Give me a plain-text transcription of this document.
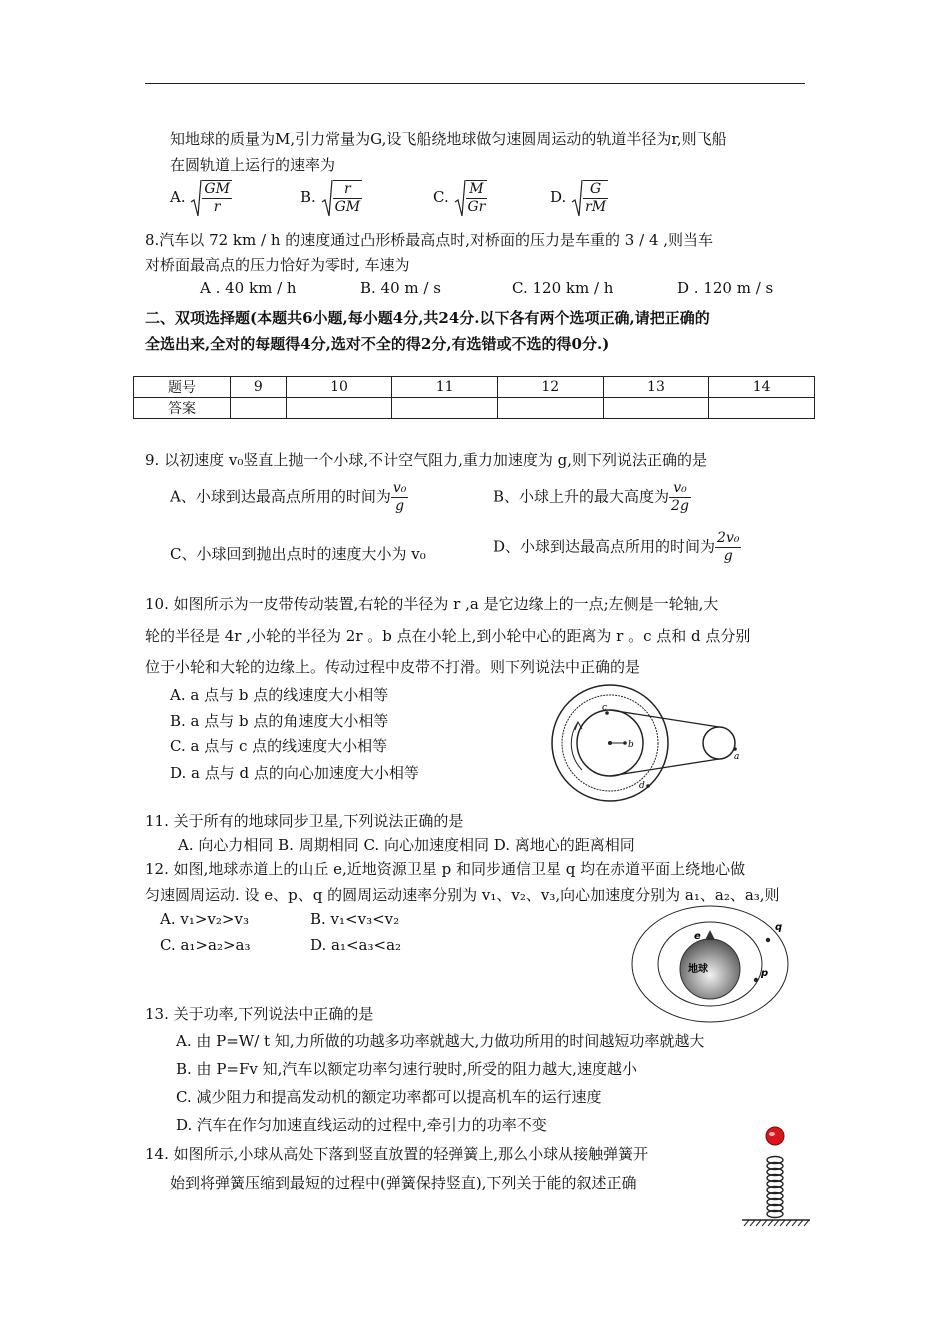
知地球的质量为M,引力常量为G,设飞船绕地球做匀速圆周运动的轨道半径为r,则飞船
在圆轨道上运行的速率为
A. $\frac{GM}{r}$	B. $\frac{r}{GM}$	C. $\frac{M}{Gr}$	D. $\frac{G}{rM}$
8.汽车以 72 km / h 的速度通过凸形桥最高点时,对桥面的压力是车重的 3 / 4 ,则当车
对桥面最高点的压力恰好为零时, 车速为
A . 40 km / h	B. 40 m / s	C. 120 km / h	D . 120 m / s
二、双项选择题(本题共6小题,每小题4分,共24分.以下各有两个选项正确,请把正确的
全选出来,全对的每题得4分,选对不全的得2分,有选错或不选的得0分.)
题号	9	10	11	12	13	14
答案						
9. 以初速度 v₀竖直上抛一个小球,不计空气阻力,重力加速度为 g,则下列说法正确的是
A、小球到达最高点所用的时间为 $\frac{\text{v₀}}{g}$	B、小球上升的最大高度为 $\frac{\text{v₀}}{2g}$
C、小球回到抛出点时的速度大小为 v₀	D、小球到达最高点所用的时间为 $\frac{\text{2v₀}}{g}$
10. 如图所示为一皮带传动装置,右轮的半径为 r ,a 是它边缘上的一点;左侧是一轮轴,大
轮的半径是 4r ,小轮的半径为 2r 。b 点在小轮上,到小轮中心的距离为 r 。c 点和 d 点分别
位于小轮和大轮的边缘上。传动过程中皮带不打滑。则下列说法中正确的是
A. a 点与 b 点的线速度大小相等
B. a 点与 b 点的角速度大小相等
C. a 点与 c 点的线速度大小相等
D. a 点与 d 点的向心加速度大小相等
c
b
a
d
11. 关于所有的地球同步卫星,下列说法正确的是
A. 向心力相同 B. 周期相同 C. 向心加速度相同 D. 离地心的距离相同
12. 如图,地球赤道上的山丘 e,近地资源卫星 p 和同步通信卫星 q 均在赤道平面上绕地心做
匀速圆周运动. 设 e、p、q 的圆周运动速率分别为 v₁、v₂、v₃,向心加速度分别为 a₁、a₂、a₃,则
A. v₁>v₂>v₃	B. v₁<v₃<v₂
C. a₁>a₂>a₃	D. a₁<a₃<a₂
地球
e
p
q
13. 关于功率,下列说法中正确的是
A. 由 P=W/ t 知,力所做的功越多功率就越大,力做功所用的时间越短功率就越大
B. 由 P=Fv 知,汽车以额定功率匀速行驶时,所受的阻力越大,速度越小
C. 减少阻力和提高发动机的额定功率都可以提高机车的运行速度
D. 汽车在作匀加速直线运动的过程中,牵引力的功率不变
14. 如图所示,小球从高处下落到竖直放置的轻弹簧上,那么小球从接触弹簧开
始到将弹簧压缩到最短的过程中(弹簧保持竖直),下列关于能的叙述正确
